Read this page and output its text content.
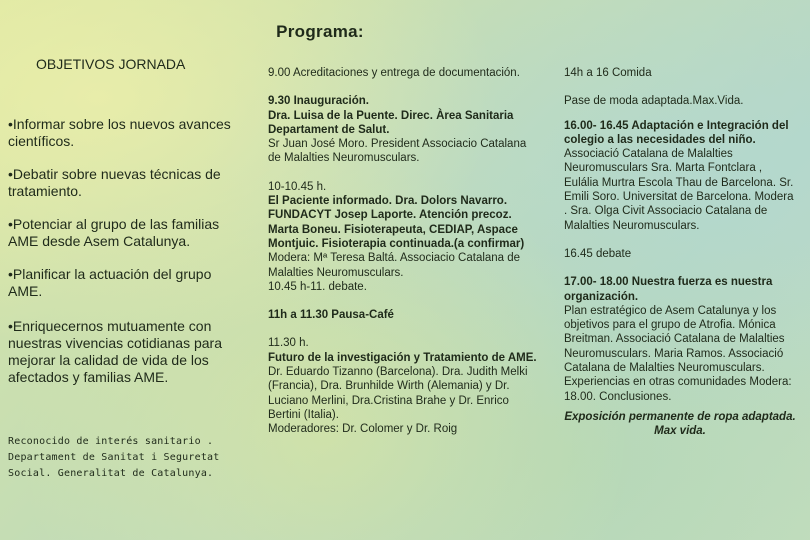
Programa:
OBJETIVOS JORNADA

•Informar sobre los nuevos avances científicos.

•Debatir sobre nuevas técnicas de tratamiento.

•Potenciar al grupo de las familias AME desde Asem Catalunya.

•Planificar la actuación del grupo AME.

•Enriquecernos mutuamente con nuestras vivencias cotidianas para mejorar la calidad de vida de los afectados y familias AME.

Reconocido de interés sanitario . Departament de Sanitat i Seguretat Social. Generalitat de Catalunya.
9.00 Acreditaciones y entrega de documentación.
9.30 Inauguración.
Dra. Luisa de la Puente. Direc. Àrea Sanitaria Departament de Salut.
Sr Juan José Moro. President Associacio Catalana de Malalties Neuromusculars.
10-10.45 h.
El Paciente informado. Dra. Dolors Navarro. FUNDACYT Josep Laporte. Atención precoz. Marta Boneu. Fisioterapeuta, CEDIAP, Aspace Montjuic. Fisioterapia continuada.(a confirmar)
Modera: Mª Teresa Baltá. Associacio Catalana de Malalties Neuromusculars.
10.45 h-11. debate.
11h a 11.30 Pausa-Café
11.30 h.
Futuro de la investigación y Tratamiento de AME.
Dr. Eduardo Tizanno (Barcelona). Dra. Judith Melki (Francia), Dra. Brunhilde Wirth (Alemania) y Dr. Luciano Merlini, Dra.Cristina Brahe y Dr. Enrico Bertini (Italia).
Moderadores: Dr. Colomer y Dr. Roig
14h a 16 Comida
Pase de moda adaptada.Max.Vida.
16.00- 16.45 Adaptación e Integración del colegio a las necesidades del niño.
Associació Catalana de Malalties Neuromusculars Sra. Marta Fontclara , Eulália Murtra Escola Thau de Barcelona. Sr. Emili Soro. Universitat de Barcelona. Modera . Sra. Olga Civit Associacio Catalana de Malalties Neuromusculars.
16.45 debate
17.00- 18.00 Nuestra fuerza es nuestra organización.
Plan estratégico de Asem Catalunya y los objetivos para el grupo de Atrofia. Mónica Breitman. Associació Catalana de Malalties Neuromusculars. Maria Ramos. Associació Catalana de Malalties Neuromusculars. Experiencias en otras comunidades Modera: 18.00. Conclusiones.
Exposición permanente de ropa adaptada. Max vida.
